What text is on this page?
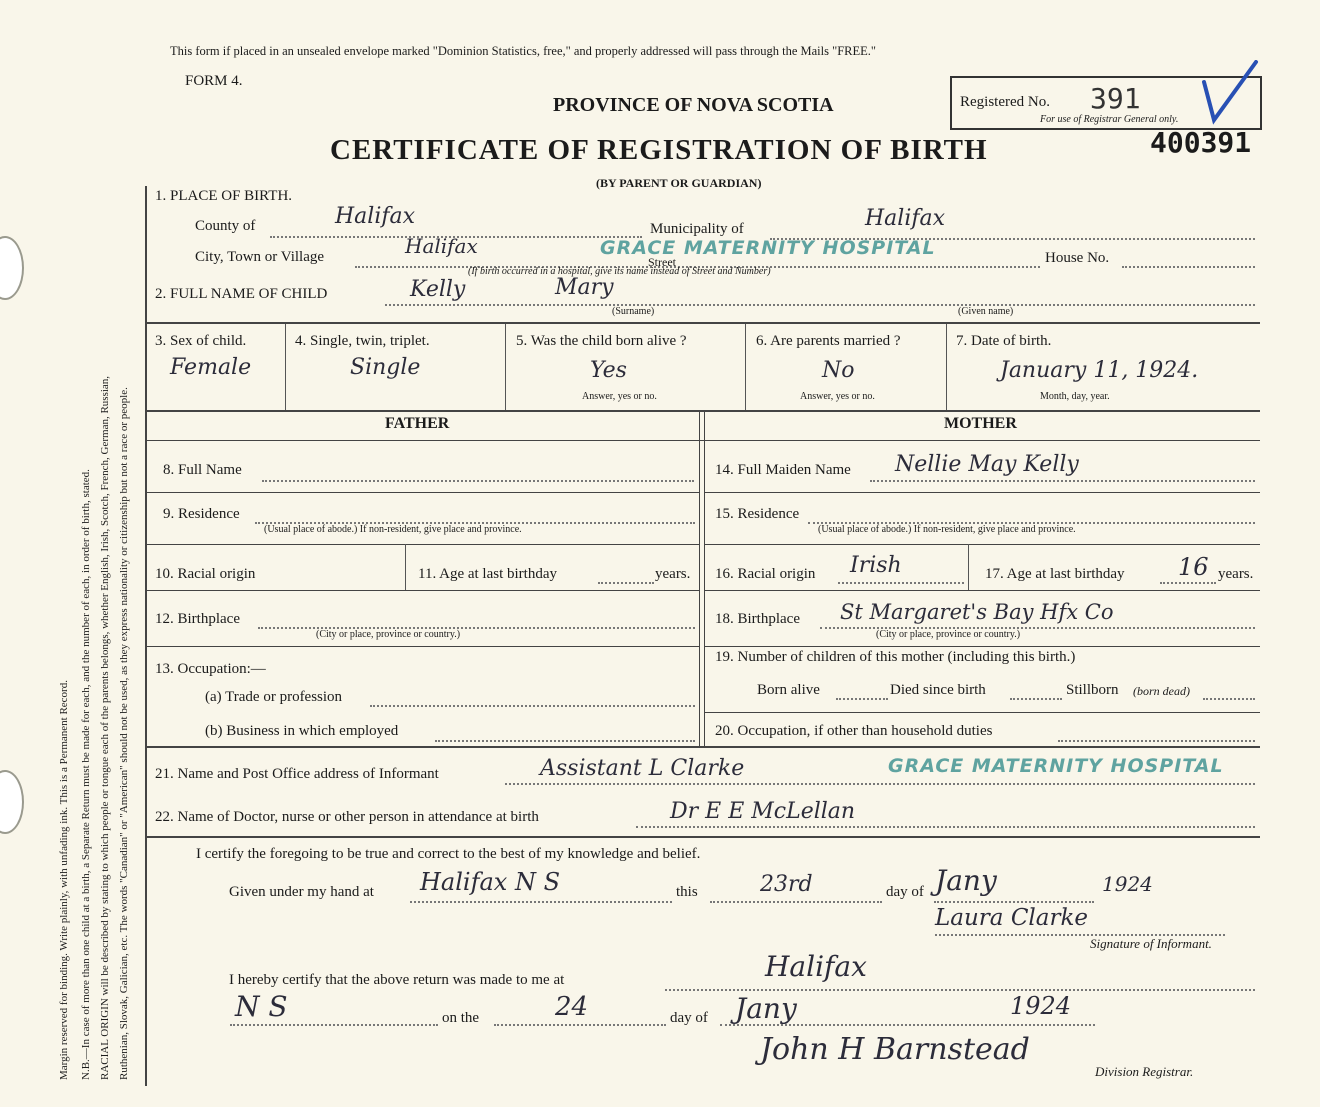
Margin reserved for binding. Write plainly, with unfading ink. This is a Permanent Record. N.B.—In case of more than one child at a birth, a Separate Return must be made for each, and the number of each, in order of birth, stated. RACIAL ORIGIN will be described by stating to which people or tongue each of the parents belongs, whether English, Irish, Scotch, French, German, Russian, Ruthenian, Slovak, Galician, etc. The words "Canadian" or "American" should not be used, as they express nationality or citizenship but not a race or people.
This form if placed in an unsealed envelope marked "Dominion Statistics, free," and properly addressed will pass through the Mails "FREE."
FORM 4.
PROVINCE OF NOVA SCOTIA
CERTIFICATE OF REGISTRATION OF BIRTH
(BY PARENT OR GUARDIAN)
Registered No. 391
For use of Registrar General only.
400391
1. PLACE OF BIRTH.
County of	Halifax	Municipality of	Halifax
City, Town or Village	Halifax
Street
GRACE MATERNITY HOSPITAL
(If birth occurred in a hospital, give its name instead of Street and Number)
House No.
2. FULL NAME OF CHILD	Kelly	Mary
(Surname)	(Given name)
3. Sex of child.
Female
4. Single, twin, triplet.
Single
5. Was the child born alive ?
Yes
Answer, yes or no.
6. Are parents married ?
No
Answer, yes or no.
7. Date of birth.
January 11, 1924.
Month, day, year.
FATHER	MOTHER
8. Full Name
9. Residence
(Usual place of abode.) If non-resident, give place and province.
10. Racial origin	11. Age at last birthday	years.
12. Birthplace
(City or place, province or country.)
13. Occupation:—
(a) Trade or profession
(b) Business in which employed
14. Full Maiden Name Nellie May Kelly
15. Residence
(Usual place of abode.) If non-resident, give place and province.
16. Racial origin Irish	17. Age at last birthday 16 years.
18. Birthplace St Margaret's Bay Hfx Co
(City or place, province or country.)
19. Number of children of this mother (including this birth.)
Born alive	Died since birth	Stillborn (born dead)
20. Occupation, if other than household duties
21. Name and Post Office address of Informant	Assistant L Clarke	GRACE MATERNITY HOSPITAL
22. Name of Doctor, nurse or other person in attendance at birth	Dr E E McLellan
I certify the foregoing to be true and correct to the best of my knowledge and belief.
Given under my hand at Halifax N S	this	23rd	day of Jany	1924
Laura Clarke
Signature of Informant.
I hereby certify that the above return was made to me at	Halifax
N S	on the	24	day of Jany	1924
John H Barnstead
Division Registrar.
